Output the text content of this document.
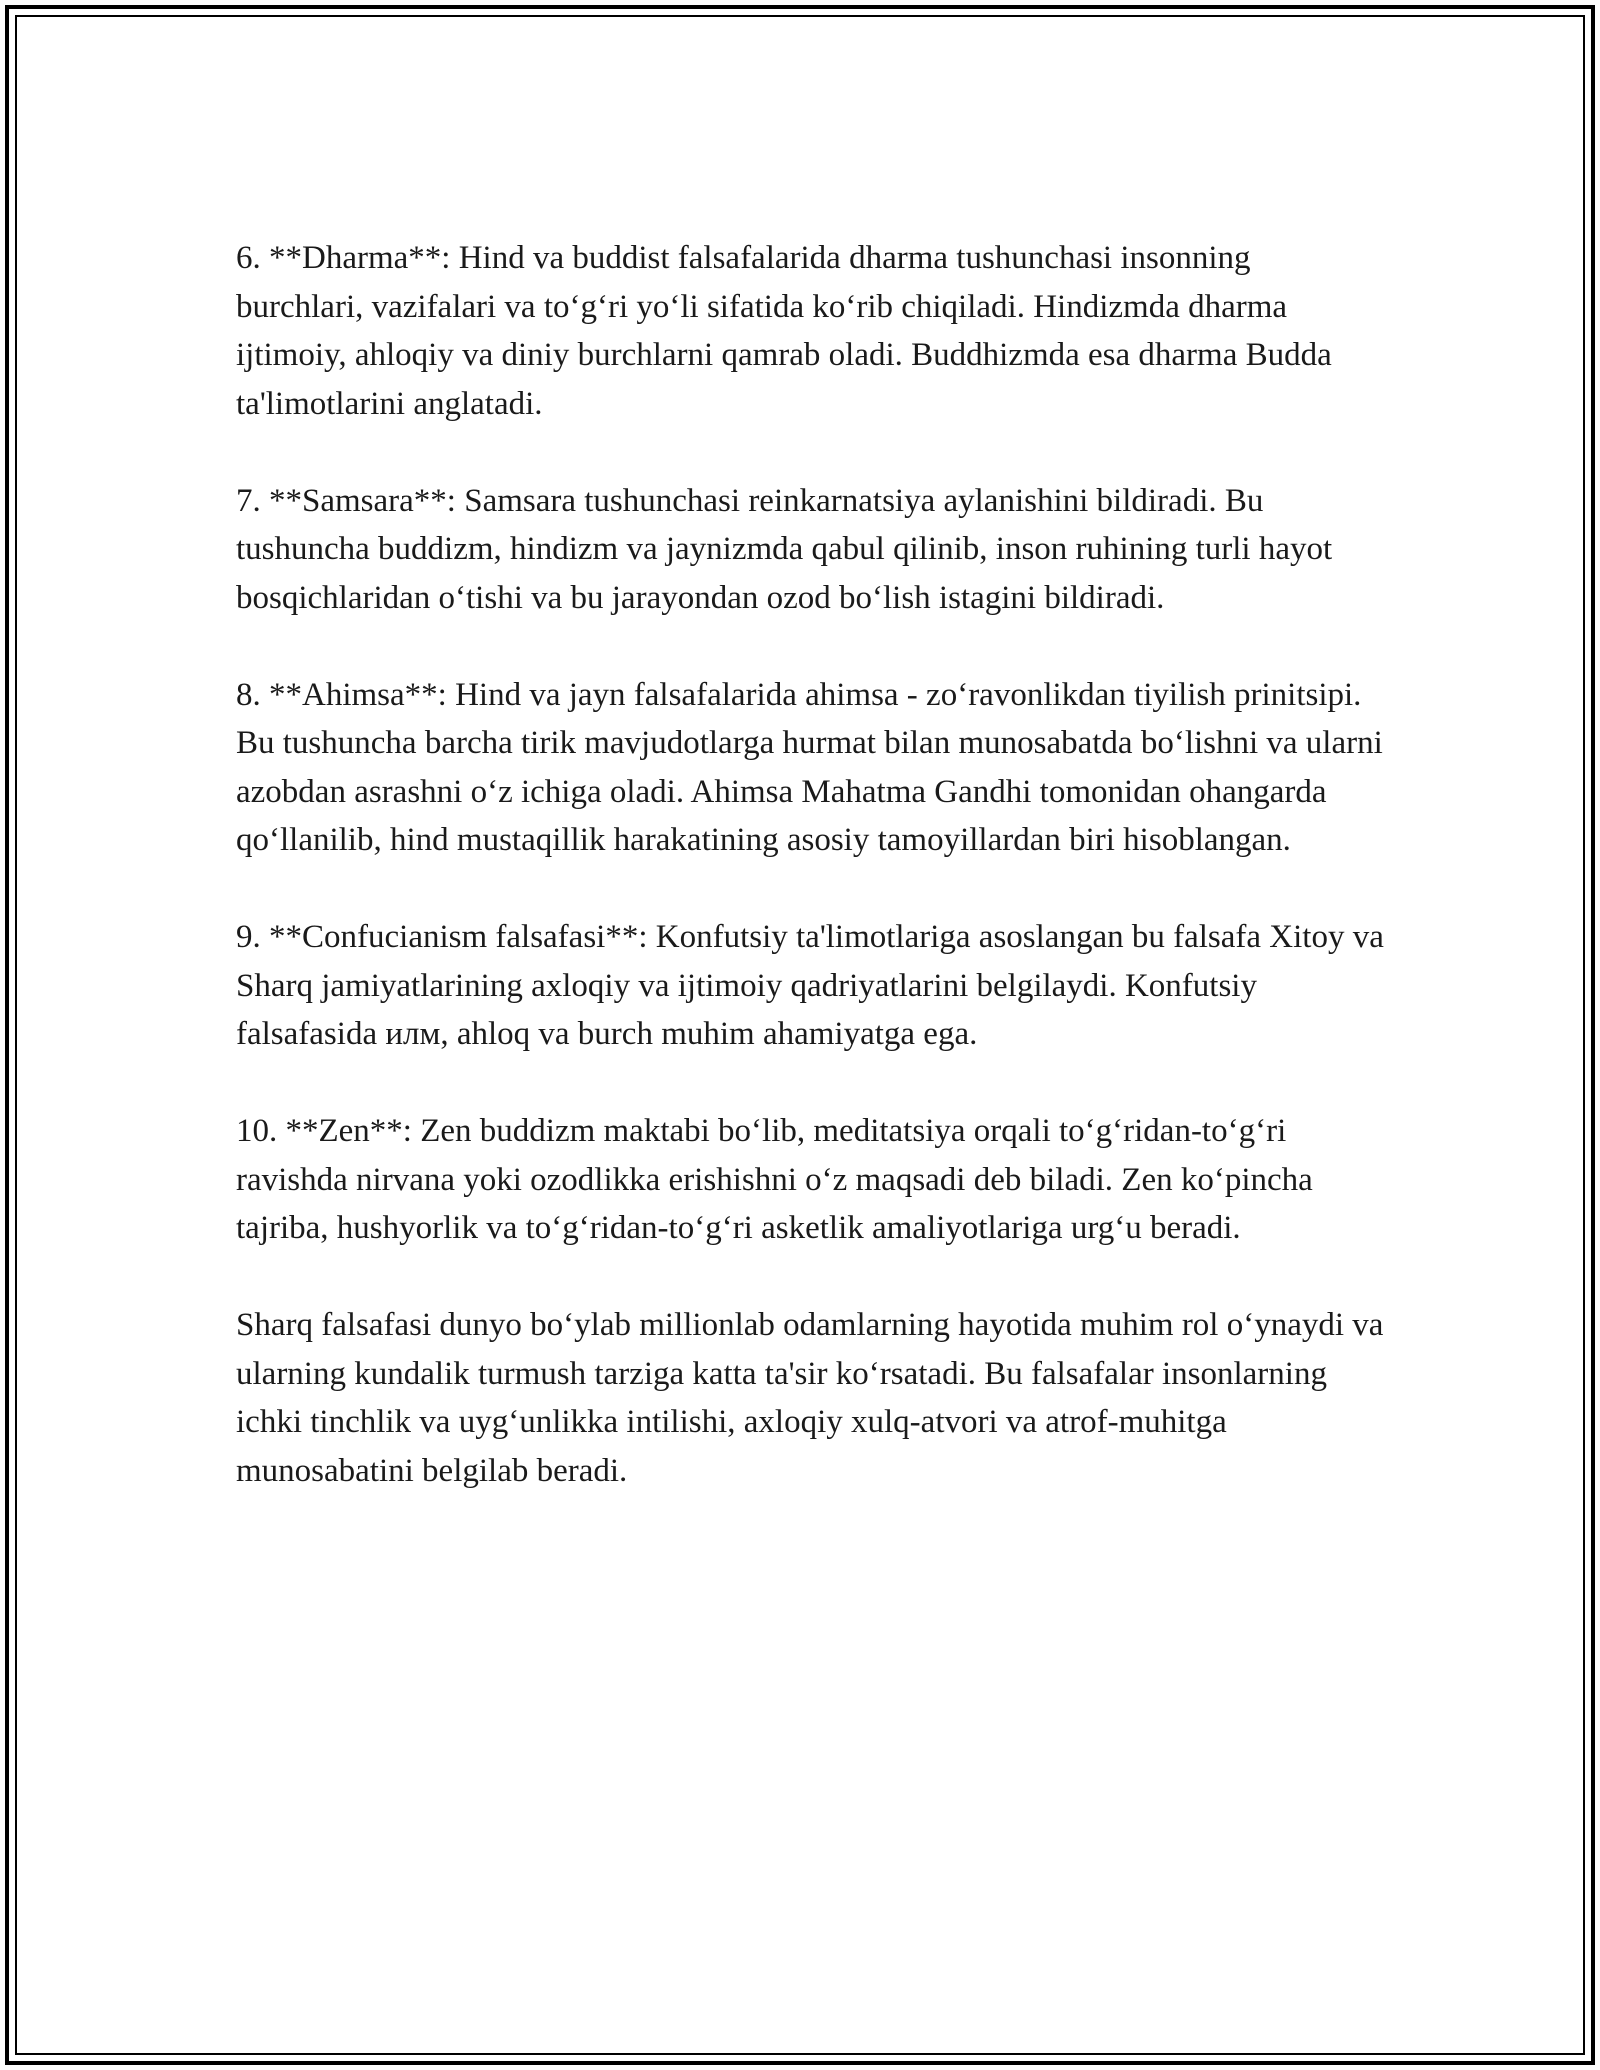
6. **Dharma**: Hind va buddist falsafalarida dharma tushunchasi insonning burchlari, vazifalari va to‘g‘ri yo‘li sifatida ko‘rib chiqiladi. Hindizmda dharma ijtimoiy, ahloqiy va diniy burchlarni qamrab oladi. Buddhizmda esa dharma Budda ta'limotlarini anglatadi.

7. **Samsara**: Samsara tushunchasi reinkarnatsiya aylanishini bildiradi. Bu tushuncha buddizm, hindizm va jaynizmda qabul qilinib, inson ruhining turli hayot bosqichlaridan o‘tishi va bu jarayondan ozod bo‘lish istagini bildiradi.

8. **Ahimsa**: Hind va jayn falsafalarida ahimsa - zo‘ravonlikdan tiyilish prinitsipi. Bu tushuncha barcha tirik mavjudotlarga hurmat bilan munosabatda bo‘lishni va ularni azobdan asrashni o‘z ichiga oladi. Ahimsa Mahatma Gandhi tomonidan ohangarda qo‘llanilib, hind mustaqillik harakatining asosiy tamoyillardan biri hisoblangan.

9. **Confucianism falsafasi**: Konfutsiy ta'limotlariga asoslangan bu falsafa Xitoy va Sharq jamiyatlarining axloqiy va ijtimoiy qadriyatlarini belgilaydi. Konfutsiy falsafasida илм, ahloq va burch muhim ahamiyatga ega.

10. **Zen**: Zen buddizm maktabi bo‘lib, meditatsiya orqali to‘g‘ridan-to‘g‘ri ravishda nirvana yoki ozodlikka erishishni o‘z maqsadi deb biladi. Zen ko‘pincha tajriba, hushyorlik va to‘g‘ridan-to‘g‘ri asketlik amaliyotlariga urg‘u beradi.

Sharq falsafasi dunyo bo‘ylab millionlab odamlarning hayotida muhim rol o‘ynaydi va ularning kundalik turmush tarziga katta ta'sir ko‘rsatadi. Bu falsafalar insonlarning ichki tinchlik va uyg‘unlikka intilishi, axloqiy xulq-atvori va atrof-muhitga munosabatini belgilab beradi.
